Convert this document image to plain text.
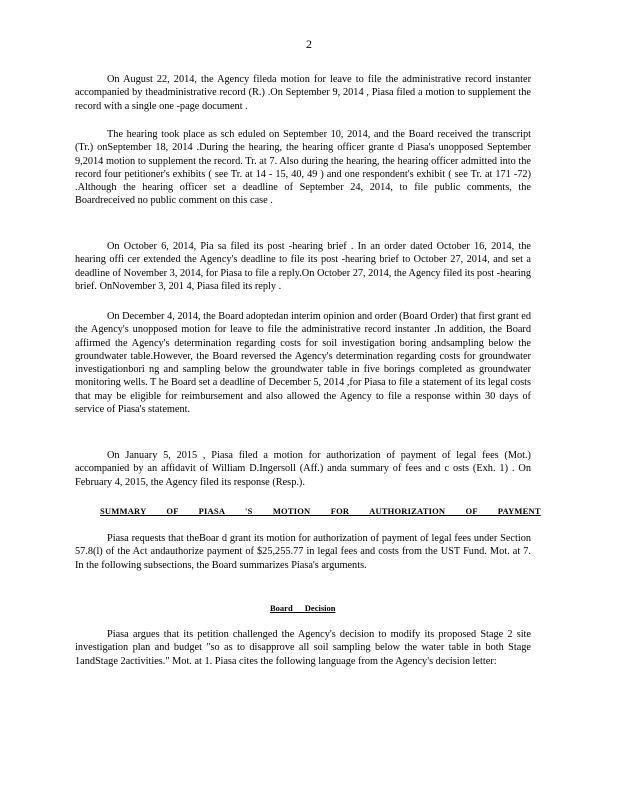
2

On August 22, 2014, the Agency fileda motion for leave to file the administrative record instanter accompanied by theadministrative record (R.) .On September 9, 2014 , Piasa filed a motion to supplement the record with a single one -page document .

The hearing took place as sch eduled on September 10, 2014, and the Board received the transcript (Tr.) onSeptember 18, 2014 .During the hearing, the hearing officer grante d Piasa's unopposed September 9,2014 motion to supplement the record. Tr. at 7. Also during the hearing, the hearing officer admitted into the record four petitioner's exhibits ( see Tr. at 14 - 15, 40, 49 ) and one respondent's exhibit ( see Tr. at 171 -72) .Although the hearing officer set a deadline of September 24, 2014, to file public comments, the Boardreceived no public comment on this case .

On October 6, 2014, Pia sa filed its post -hearing brief . In an order dated October 16, 2014, the hearing offi cer extended the Agency's deadline to file its post -hearing brief to October 27, 2014, and set a deadline of November 3, 2014, for Piasa to file a reply.On October 27, 2014, the Agency filed its post -hearing brief. OnNovember 3, 201 4, Piasa filed its reply .

On December 4, 2014, the Board adoptedan interim opinion and order (Board Order) that first grant ed the Agency's unopposed motion for leave to file the administrative record instanter .In addition, the Board affirmed the Agency's determination regarding costs for soil investigation boring andsampling below the groundwater table.However, the Board reversed the Agency's determination regarding costs for groundwater investigationbori ng and sampling below the groundwater table in five borings completed as groundwater monitoring wells. T he Board set a deadline of December 5, 2014 ,for Piasa to file a statement of its legal costs that may be eligible for reimbursement and also allowed the Agency to file a response within 30 days of service of Piasa's statement.

On January 5, 2015 , Piasa filed a motion for authorization of payment of legal fees (Mot.) accompanied by an affidavit of William D.Ingersoll (Aff.) anda summary of fees and c osts (Exh. 1) . On February 4, 2015, the Agency filed its response (Resp.).

SUMMARY OF PIASA 'S MOTION FOR AUTHORIZATION OF PAYMENT

Piasa requests that theBoar d grant its motion for authorization of payment of legal fees under Section 57.8(l) of the Act andauthorize payment of $25,255.77 in legal fees and costs from the UST Fund. Mot. at 7. In the following subsections, the Board summarizes Piasa's arguments.

Board Decision

Piasa argues that its petition challenged the Agency's decision to modify its proposed Stage 2 site investigation plan and budget "so as to disapprove all soil sampling below the water table in both Stage 1andStage 2activities." Mot. at 1. Piasa cites the following language from the Agency's decision letter:
